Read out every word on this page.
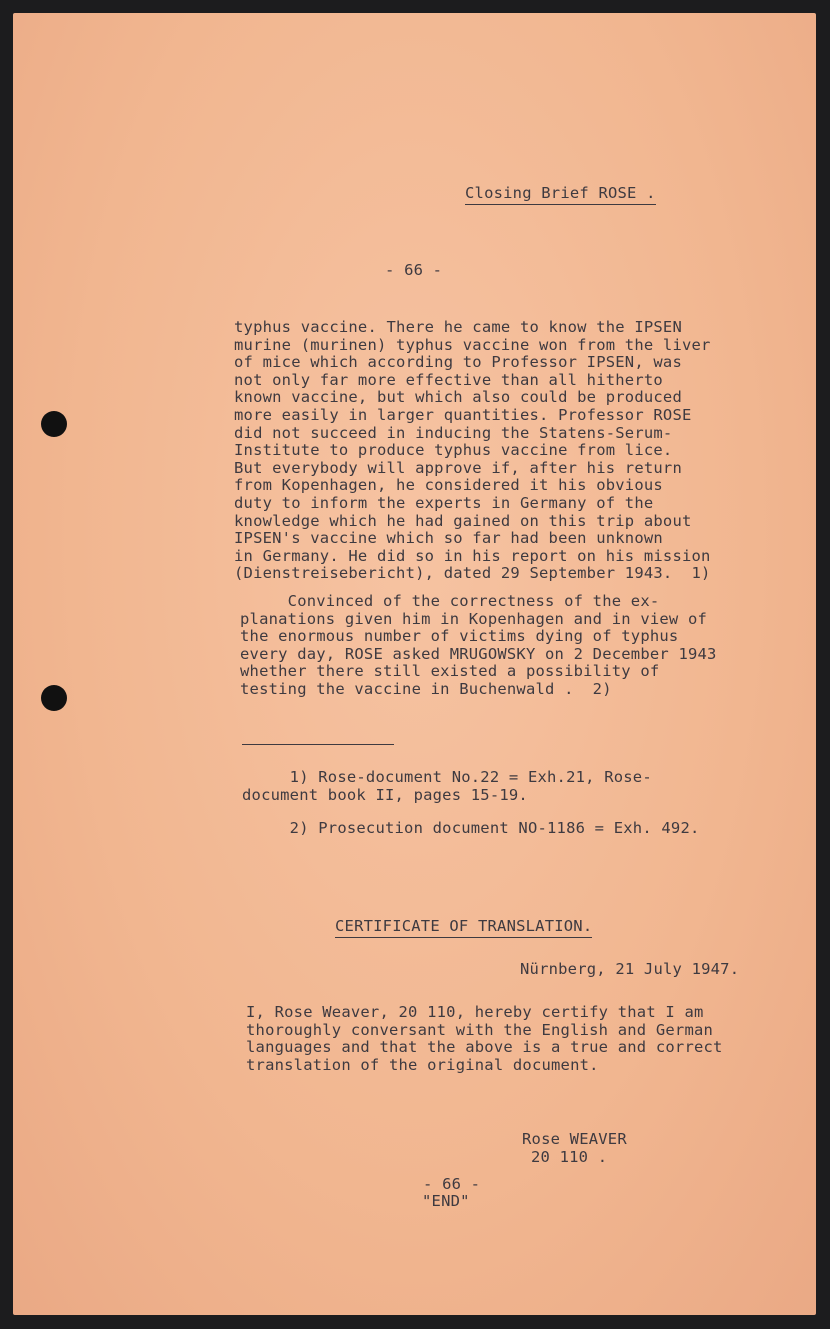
Closing Brief ROSE .
- 66 -
typhus vaccine. There he came to know the IPSEN
murine (murinen) typhus vaccine won from the liver
of mice which according to Professor IPSEN, was
not only far more effective than all hitherto
known vaccine, but which also could be produced
more easily in larger quantities. Professor ROSE
did not succeed in inducing the Statens-Serum-
Institute to produce typhus vaccine from lice.
But everybody will approve if, after his return
from Kopenhagen, he considered it his obvious
duty to inform the experts in Germany of the
knowledge which he had gained on this trip about
IPSEN's vaccine which so far had been unknown
in Germany. He did so in his report on his mission
(Dienstreisebericht), dated 29 September 1943.  1)
Convinced of the correctness of the ex-
planations given him in Kopenhagen and in view of
the enormous number of victims dying of typhus
every day, ROSE asked MRUGOWSKY on 2 December 1943
whether there still existed a possibility of
testing the vaccine in Buchenwald .  2)
1) Rose-document No.22 = Exh.21, Rose-
document book II, pages 15-19.
2) Prosecution document NO-1186 = Exh. 492.
CERTIFICATE OF TRANSLATION.
Nürnberg, 21 July 1947.
I, Rose Weaver, 20 110, hereby certify that I am
thoroughly conversant with the English and German
languages and that the above is a true and correct
translation of the original document.
Rose WEAVER
20 110 .
- 66 -
"END"
